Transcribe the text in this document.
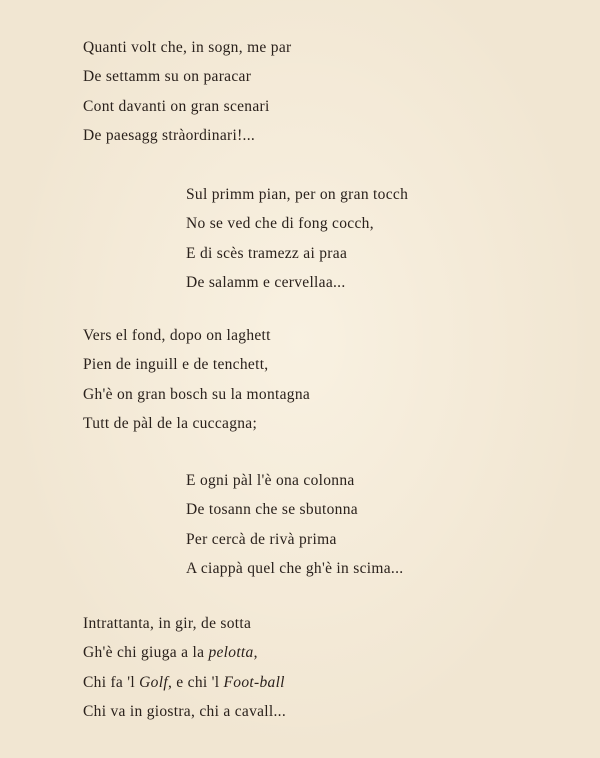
Quanti volt che, in sogn, me par
De settamm su on paracar
Cont davanti on gran scenari
De paesagg stràordinari!...
Sul primm pian, per on gran tocch
No se ved che di fong cocch,
E di scès tramezz ai praa
De salamm e cervellaa...
Vers el fond, dopo on laghett
Pien de inguill e de tenchett,
Gh'è on gran bosch su la montagna
Tutt de pàl de la cuccagna;
E ogni pàl l'è ona colonna
De tosann che se sbutonna
Per cercà de rivà prima
A ciappà quel che gh'è in scima...
Intrattanta, in gir, de sotta
Gh'è chi giuga a la pelotta,
Chi fa 'l Golf, e chi 'l Foot-ball
Chi va in giostra, chi a cavall...
